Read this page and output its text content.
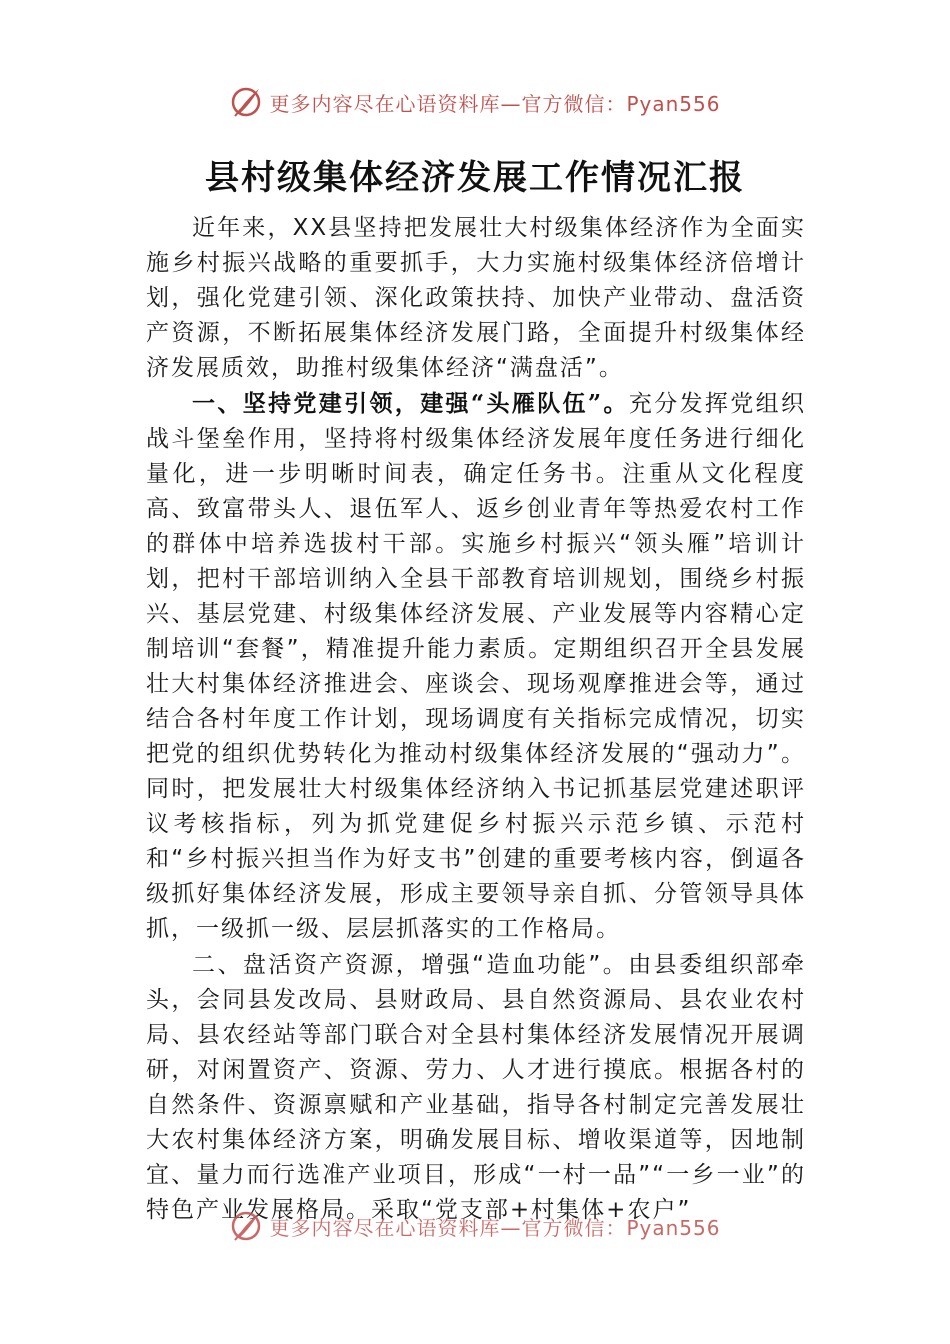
更多内容尽在心语资料库—官方微信：Pyan556
县村级集体经济发展工作情况汇报

近年来，XX县坚持把发展壮大村级集体经济作为全面实施乡村振兴战略的重要抓手，大力实施村级集体经济倍增计划，强化党建引领、深化政策扶持、加快产业带动、盘活资产资源，不断拓展集体经济发展门路，全面提升村级集体经济发展质效，助推村级集体经济“满盘活”。

一、坚持党建引领，建强“头雁队伍”。充分发挥党组织战斗堡垒作用，坚持将村级集体经济发展年度任务进行细化量化，进一步明晰时间表，确定任务书。注重从文化程度高、致富带头人、退伍军人、返乡创业青年等热爱农村工作的群体中培养选拔村干部。实施乡村振兴“领头雁”培训计划，把村干部培训纳入全县干部教育培训规划，围绕乡村振兴、基层党建、村级集体经济发展、产业发展等内容精心定制培训“套餐”，精准提升能力素质。定期组织召开全县发展壮大村集体经济推进会、座谈会、现场观摩推进会等，通过结合各村年度工作计划，现场调度有关指标完成情况，切实把党的组织优势转化为推动村级集体经济发展的“强动力”。同时，把发展壮大村级集体经济纳入书记抓基层党建述职评议考核指标，列为抓党建促乡村振兴示范乡镇、示范村和“乡村振兴担当作为好支书”创建的重要考核内容，倒逼各级抓好集体经济发展，形成主要领导亲自抓、分管领导具体抓，一级抓一级、层层抓落实的工作格局。

二、盘活资产资源，增强“造血功能”。由县委组织部牵头，会同县发改局、县财政局、县自然资源局、县农业农村局、县农经站等部门联合对全县村集体经济发展情况开展调研，对闲置资产、资源、劳力、人才进行摸底。根据各村的自然条件、资源禀赋和产业基础，指导各村制定完善发展壮大农村集体经济方案，明确发展目标、增收渠道等，因地制宜、量力而行选准产业项目，形成“一村一品”“一乡一业”的特色产业发展格局。采取“党支部+村集体+农户”

更多内容尽在心语资料库—官方微信：Pyan556
